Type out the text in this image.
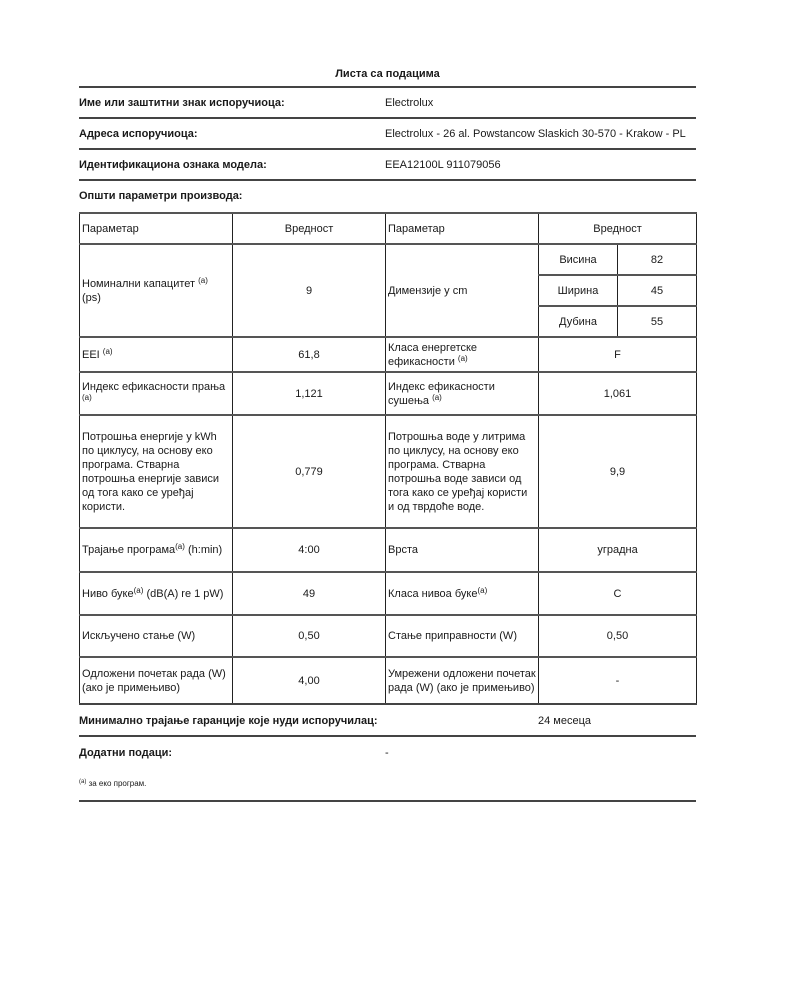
Листа са подацима
Име или заштитни знак испоручиоца:	Electrolux
Адреса испоручиоца:	Electrolux - 26 al. Powstancow Slaskich 30-570 - Krakow - PL
Идентификациона ознака модела:	EEA12100L 911079056
Општи параметри производа:
Параметар	Вредност	Параметар	Вредност	
Номинални капацитет $^{(a)}$
(ps)	9	Димензије у cm	Висина	82
			Ширина	45
			Дубина	55
EEI $^{(a)}$	61,8	Класа енергетске ефикасности $^{(a)}$	F	
Индекс ефикасности прања $^{(a)}$	1,121	Индекс ефикасности сушења $^{(a)}$	1,061	
Потрошња енергије у kWh по циклусу, на основу еко програма. Стварна потрошња енергије зависи од тога како се уређај користи.	0,779	Потрошња воде у литрима по циклусу, на основу еко програма. Стварна потрошња воде зависи од тога како се уређај користи и од тврдоће воде.	9,9	
Трајање програма$^{(a)}$ (h:min)	4:00	Врста	уградна	
Ниво буке$^{(a)}$ (dB(A) re 1 pW)	49	Класа нивоа буке$^{(a)}$	C	
Искључено стање (W)	0,50	Стање приправности (W)	0,50	
Одложени почетак рада (W) (ако је примењиво)	4,00	Умрежени одложени почетак рада (W) (ако је примењиво)	-	
Минимално трајање гаранције које нуди испоручилац:	24 месеца
Додатни подаци:	-
$^{(a)}$ за еко програм.
